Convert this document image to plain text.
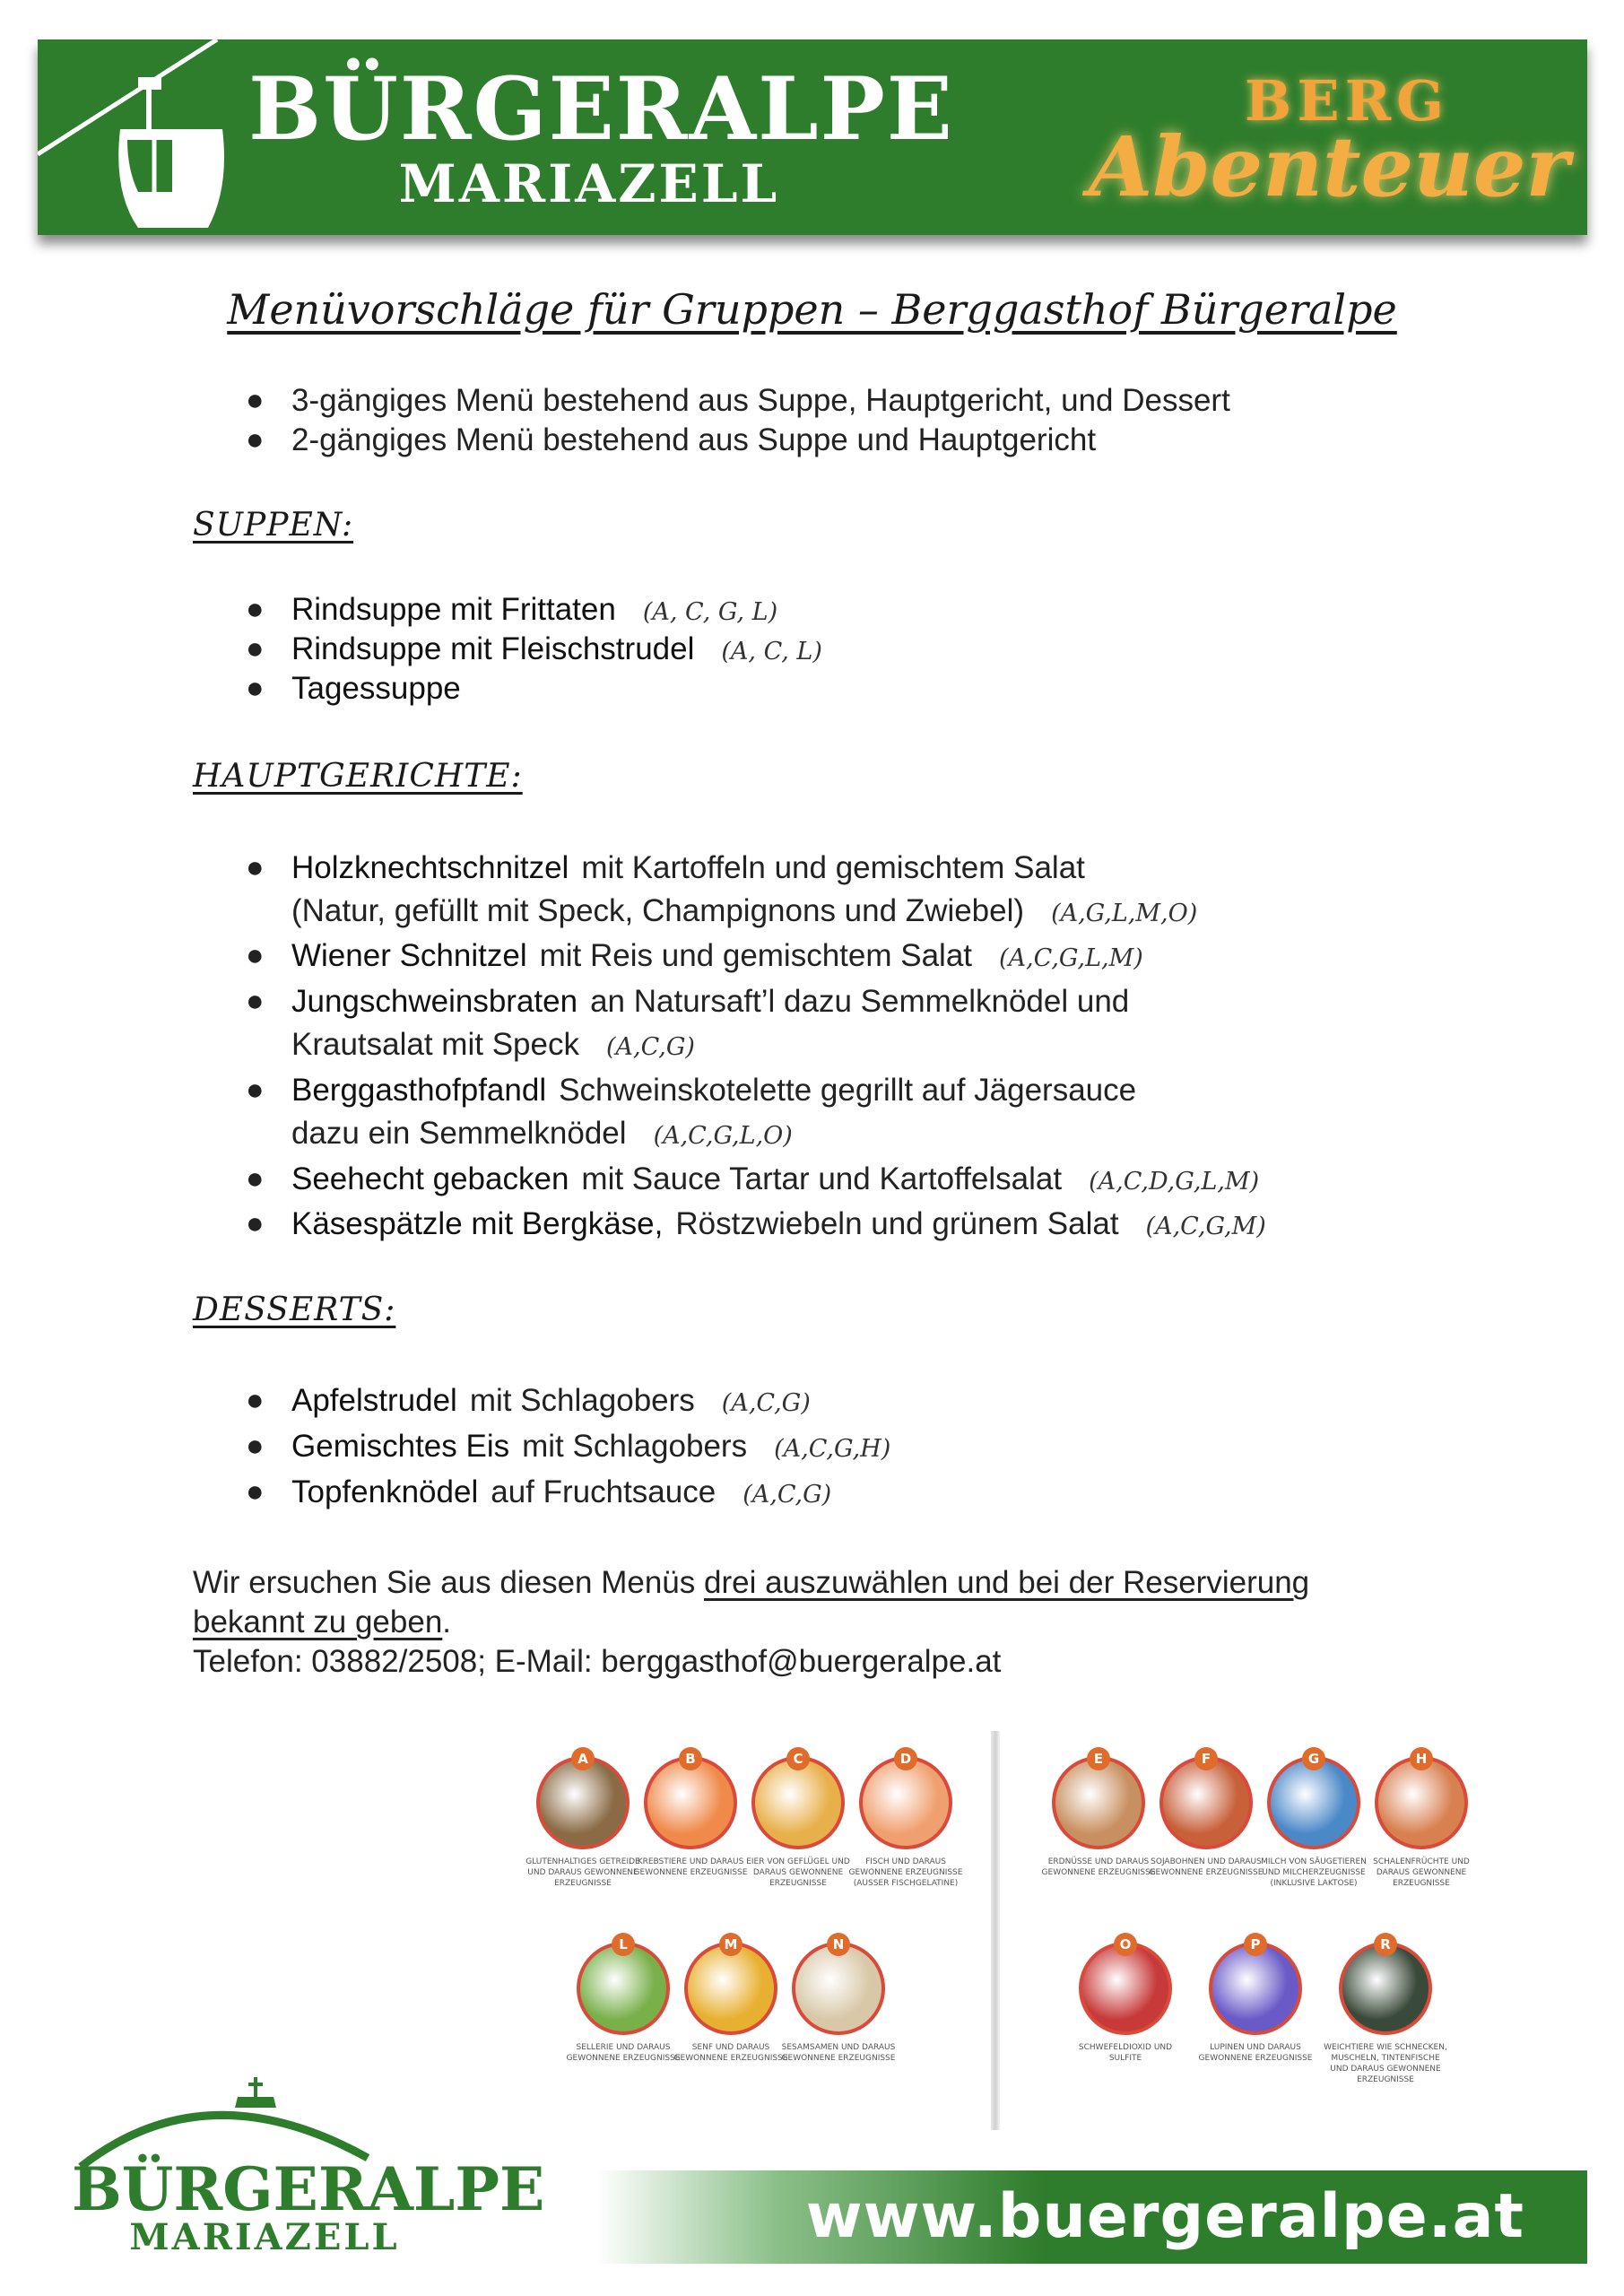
BÜRGERALPE
MARIAZELL
BERG
Abenteuer
Menüvorschläge für Gruppen – Berggasthof Bürgeralpe
● 3-gängiges Menü bestehend aus Suppe, Hauptgericht, und Dessert
● 2-gängiges Menü bestehend aus Suppe und Hauptgericht
SUPPEN:
● Rindsuppe mit Frittaten (A, C, G, L)
● Rindsuppe mit Fleischstrudel (A, C, L)
● Tagessuppe
HAUPTGERICHTE:
● Holzknechtschnitzel mit Kartoffeln und gemischtem Salat
(Natur, gefüllt mit Speck, Champignons und Zwiebel) (A,G,L,M,O)
● Wiener Schnitzel mit Reis und gemischtem Salat (A,C,G,L,M)
● Jungschweinsbraten an Natursaft’l dazu Semmelknödel und
Krautsalat mit Speck (A,C,G)
● Berggasthofpfandl Schweinskotelette gegrillt auf Jägersauce
dazu ein Semmelknödel (A,C,G,L,O)
● Seehecht gebacken mit Sauce Tartar und Kartoffelsalat (A,C,D,G,L,M)
● Käsespätzle mit Bergkäse, Röstzwiebeln und grünem Salat (A,C,G,M)
DESSERTS:
● Apfelstrudel mit Schlagobers (A,C,G)
● Gemischtes Eis mit Schlagobers (A,C,G,H)
● Topfenknödel auf Fruchtsauce (A,C,G)
Wir ersuchen Sie aus diesen Menüs drei auszuwählen und bei der Reservierung
bekannt zu geben.
Telefon: 03882/2508; E-Mail: berggasthof@buergeralpe.at
A
GLUTENHALTIGES GETREIDE UND DARAUS GEWONNENE ERZEUGNISSE
B
KREBSTIERE UND DARAUS GEWONNENE ERZEUGNISSE
C
EIER VON GEFLÜGEL UND DARAUS GEWONNENE ERZEUGNISSE
D
FISCH UND DARAUS GEWONNENE ERZEUGNISSE (AUSSER FISCHGELATINE)
E
ERDNÜSSE UND DARAUS GEWONNENE ERZEUGNISSE
F
SOJABOHNEN UND DARAUS GEWONNENE ERZEUGNISSE
G
MILCH VON SÄUGETIEREN UND MILCHERZEUGNISSE (INKLUSIVE LAKTOSE)
H
SCHALENFRÜCHTE UND DARAUS GEWONNENE ERZEUGNISSE
L
SELLERIE UND DARAUS GEWONNENE ERZEUGNISSE
M
SENF UND DARAUS GEWONNENE ERZEUGNISSE
N
SESAMSAMEN UND DARAUS GEWONNENE ERZEUGNISSE
O
SCHWEFELDIOXID UND SULFITE
P
LUPINEN UND DARAUS GEWONNENE ERZEUGNISSE
R
WEICHTIERE WIE SCHNECKEN, MUSCHELN, TINTENFISCHE UND DARAUS GEWONNENE ERZEUGNISSE
BÜRGERALPE
MARIAZELL	www.buergeralpe.at
